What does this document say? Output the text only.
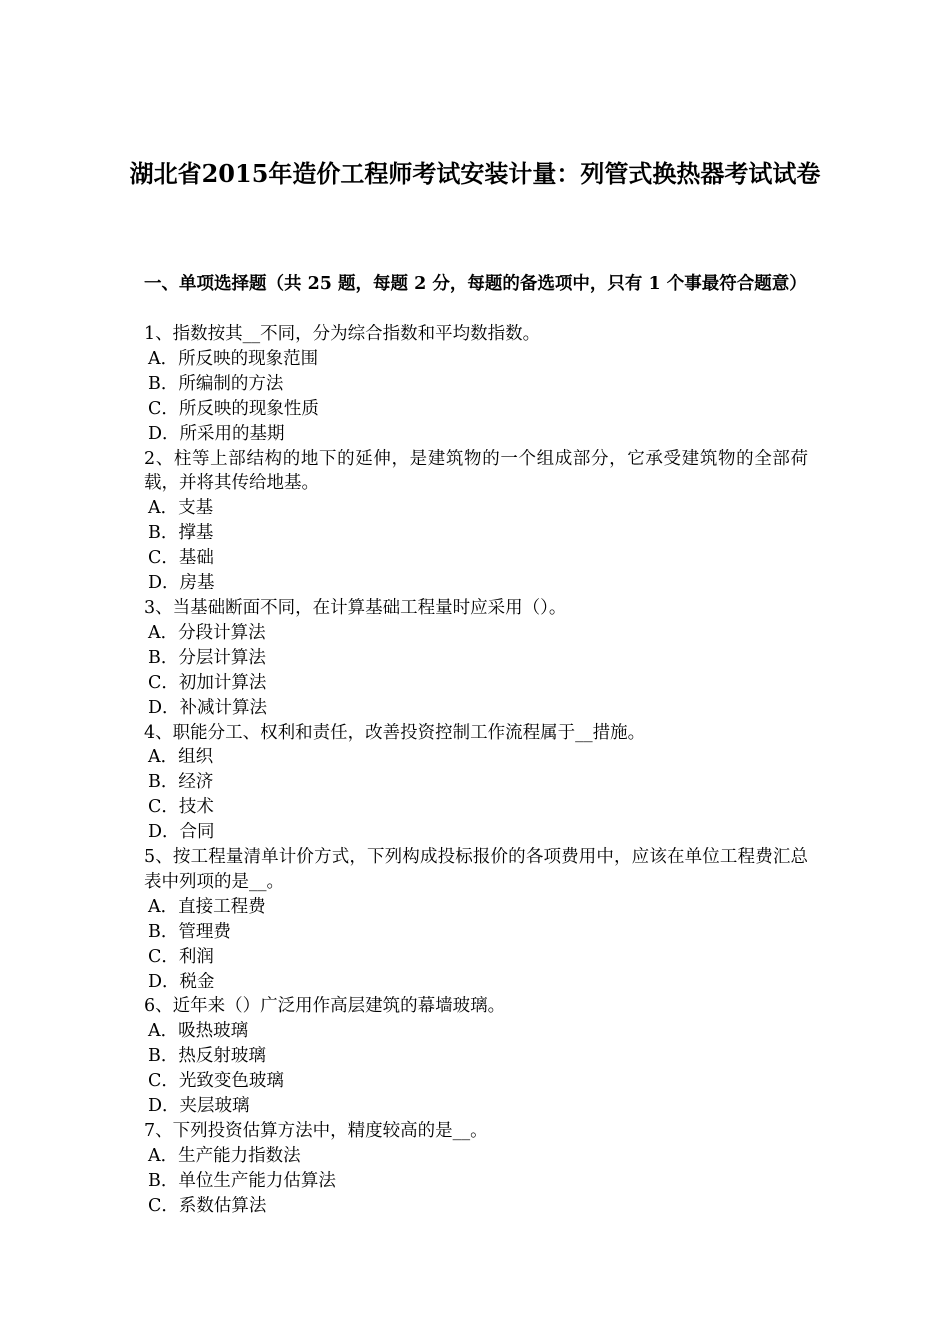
湖北省2015年造价工程师考试安装计量：列管式换热器考试试卷

一、单项选择题（共 25 题，每题 2 分，每题的备选项中，只有 1 个事最符合题意）

1、指数按其__不同，分为综合指数和平均数指数。

A．所反映的现象范围

B．所编制的方法

C．所反映的现象性质

D．所采用的基期

2、柱等上部结构的地下的延伸，是建筑物的一个组成部分，它承受建筑物的全部荷载，并将其传给地基。

A．支基

B．撑基

C．基础

D．房基

3、当基础断面不同，在计算基础工程量时应采用（）。

A．分段计算法

B．分层计算法

C．初加计算法

D．补减计算法

4、职能分工、权利和责任，改善投资控制工作流程属于__措施。

A．组织

B．经济

C．技术

D．合同

5、按工程量清单计价方式，下列构成投标报价的各项费用中，应该在单位工程费汇总表中列项的是__。

A．直接工程费

B．管理费

C．利润

D．税金

6、近年来（）广泛用作高层建筑的幕墙玻璃。

A．吸热玻璃

B．热反射玻璃

C．光致变色玻璃

D．夹层玻璃

7、下列投资估算方法中，精度较高的是__。

A．生产能力指数法

B．单位生产能力估算法

C．系数估算法
